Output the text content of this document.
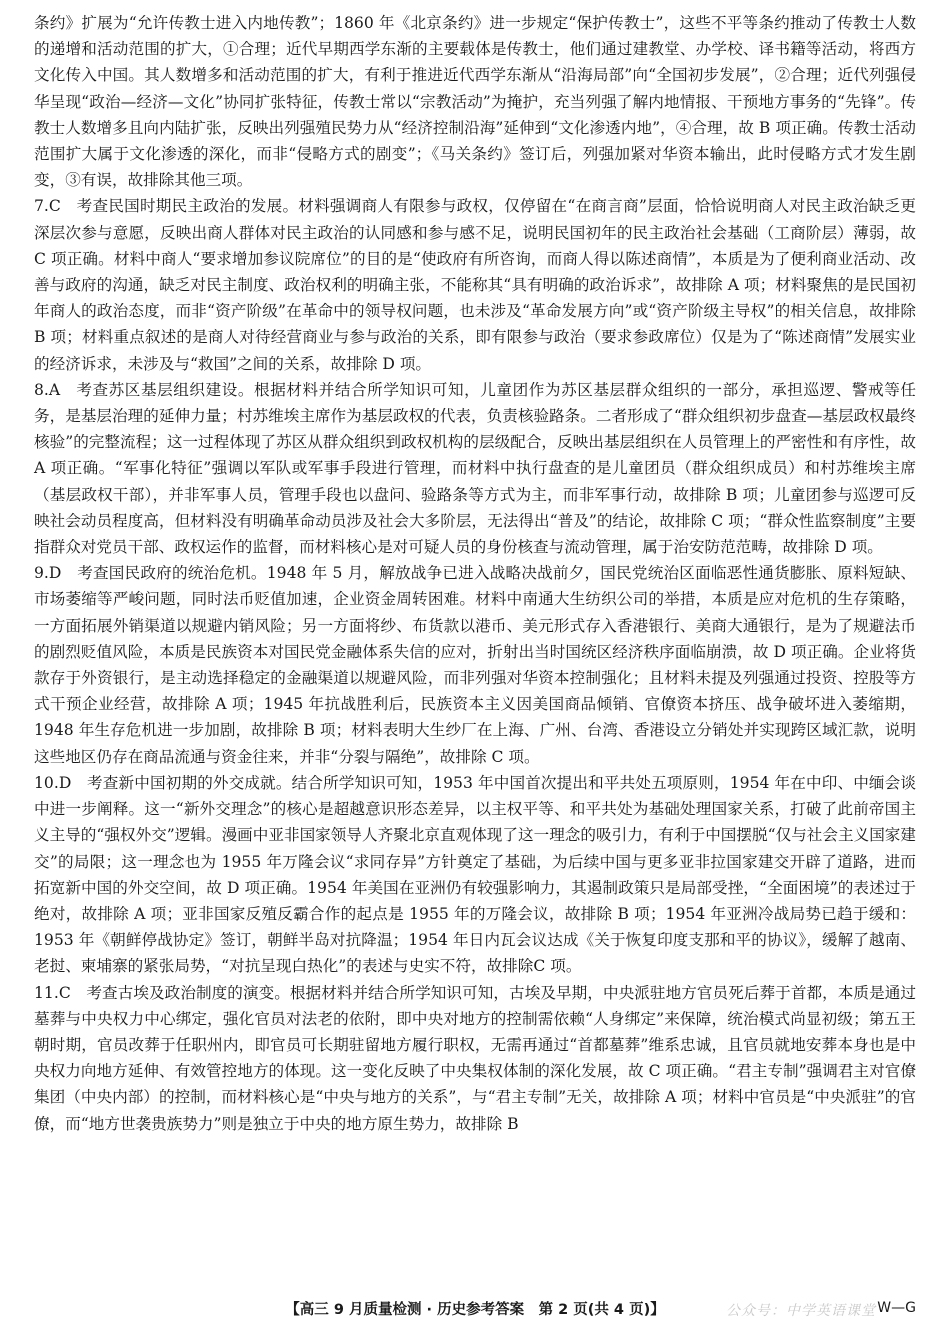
条约》扩展为“允许传教士进入内地传教”；1860 年《北京条约》进一步规定“保护传教士”，这些不平等条约推动了传教士人数的递增和活动范围的扩大，①合理；近代早期西学东渐的主要载体是传教士，他们通过建教堂、办学校、译书籍等活动，将西方文化传入中国。其人数增多和活动范围的扩大，有利于推进近代西学东渐从“沿海局部”向“全国初步发展”，②合理；近代列强侵华呈现“政治—经济—文化”协同扩张特征，传教士常以“宗教活动”为掩护，充当列强了解内地情报、干预地方事务的“先锋”。传教士人数增多且向内陆扩张，反映出列强殖民势力从“经济控制沿海”延伸到“文化渗透内地”，④合理，故 B 项正确。传教士活动范围扩大属于文化渗透的深化，而非“侵略方式的剧变”；《马关条约》签订后，列强加紧对华资本输出，此时侵略方式才发生剧变，③有误，故排除其他三项。

7.C  考查民国时期民主政治的发展。材料强调商人有限参与政权，仅停留在“在商言商”层面，恰恰说明商人对民主政治缺乏更深层次参与意愿，反映出商人群体对民主政治的认同感和参与感不足，说明民国初年的民主政治社会基础（工商阶层）薄弱，故 C 项正确。材料中商人“要求增加参议院席位”的目的是“使政府有所咨询，而商人得以陈述商情”，本质是为了便利商业活动、改善与政府的沟通，缺乏对民主制度、政治权利的明确主张，不能称其“具有明确的政治诉求”，故排除 A 项；材料聚焦的是民国初年商人的政治态度，而非“资产阶级”在革命中的领导权问题，也未涉及“革命发展方向”或“资产阶级主导权”的相关信息，故排除 B 项；材料重点叙述的是商人对待经营商业与参与政治的关系，即有限参与政治（要求参政席位）仅是为了“陈述商情”发展实业的经济诉求，未涉及与“救国”之间的关系，故排除 D 项。

8.A  考查苏区基层组织建设。根据材料并结合所学知识可知，儿童团作为苏区基层群众组织的一部分，承担巡逻、警戒等任务，是基层治理的延伸力量；村苏维埃主席作为基层政权的代表，负责核验路条。二者形成了“群众组织初步盘查—基层政权最终核验”的完整流程；这一过程体现了苏区从群众组织到政权机构的层级配合，反映出基层组织在人员管理上的严密性和有序性，故 A 项正确。“军事化特征”强调以军队或军事手段进行管理，而材料中执行盘查的是儿童团员（群众组织成员）和村苏维埃主席（基层政权干部），并非军事人员，管理手段也以盘问、验路条等方式为主，而非军事行动，故排除 B 项；儿童团参与巡逻可反映社会动员程度高，但材料没有明确革命动员涉及社会大多阶层，无法得出“普及”的结论，故排除 C 项；“群众性监察制度”主要指群众对党员干部、政权运作的监督，而材料核心是对可疑人员的身份核查与流动管理，属于治安防范范畴，故排除 D 项。

9.D  考查国民政府的统治危机。1948 年 5 月，解放战争已进入战略决战前夕，国民党统治区面临恶性通货膨胀、原料短缺、市场萎缩等严峻问题，同时法币贬值加速，企业资金周转困难。材料中南通大生纺织公司的举措，本质是应对危机的生存策略，一方面拓展外销渠道以规避内销风险；另一方面将纱、布货款以港币、美元形式存入香港银行、美商大通银行，是为了规避法币的剧烈贬值风险，本质是民族资本对国民党金融体系失信的应对，折射出当时国统区经济秩序面临崩溃，故 D 项正确。企业将货款存于外资银行，是主动选择稳定的金融渠道以规避风险，而非列强对华资本控制强化；且材料未提及列强通过投资、控股等方式干预企业经营，故排除 A 项；1945 年抗战胜利后，民族资本主义因美国商品倾销、官僚资本挤压、战争破坏进入萎缩期，1948 年生存危机进一步加剧，故排除 B 项；材料表明大生纱厂在上海、广州、台湾、香港设立分销处并实现跨区域汇款，说明这些地区仍存在商品流通与资金往来，并非“分裂与隔绝”，故排除 C 项。

10.D  考查新中国初期的外交成就。结合所学知识可知，1953 年中国首次提出和平共处五项原则，1954 年在中印、中缅会谈中进一步阐释。这一“新外交理念”的核心是超越意识形态差异，以主权平等、和平共处为基础处理国家关系，打破了此前帝国主义主导的“强权外交”逻辑。漫画中亚非国家领导人齐聚北京直观体现了这一理念的吸引力，有利于中国摆脱“仅与社会主义国家建交”的局限；这一理念也为 1955 年万隆会议“求同存异”方针奠定了基础，为后续中国与更多亚非拉国家建交开辟了道路，进而拓宽新中国的外交空间，故 D 项正确。1954 年美国在亚洲仍有较强影响力，其遏制政策只是局部受挫，“全面困境”的表述过于绝对，故排除 A 项；亚非国家反殖反霸合作的起点是 1955 年的万隆会议，故排除 B 项；1954 年亚洲冷战局势已趋于缓和：1953 年《朝鲜停战协定》签订，朝鲜半岛对抗降温；1954 年日内瓦会议达成《关于恢复印度支那和平的协议》，缓解了越南、老挝、柬埔寨的紧张局势，“对抗呈现白热化”的表述与史实不符，故排除C 项。

11.C  考查古埃及政治制度的演变。根据材料并结合所学知识可知，古埃及早期，中央派驻地方官员死后葬于首都，本质是通过墓葬与中央权力中心绑定，强化官员对法老的依附，即中央对地方的控制需依赖“人身绑定”来保障，统治模式尚显初级；第五王朝时期，官员改葬于任职州内，即官员可长期驻留地方履行职权，无需再通过“首都墓葬”维系忠诚，且官员就地安葬本身也是中央权力向地方延伸、有效管控地方的体现。这一变化反映了中央集权体制的深化发展，故 C 项正确。“君主专制”强调君主对官僚集团（中央内部）的控制，而材料核心是“中央与地方的关系”，与“君主专制”无关，故排除 A 项；材料中官员是“中央派驻”的官僚，而“地方世袭贵族势力”则是独立于中央的地方原生势力，故排除 B

【高三 9 月质量检测 · 历史参考答案　第 2 页(共 4 页)】	公众号：中学英语课堂 W—G
